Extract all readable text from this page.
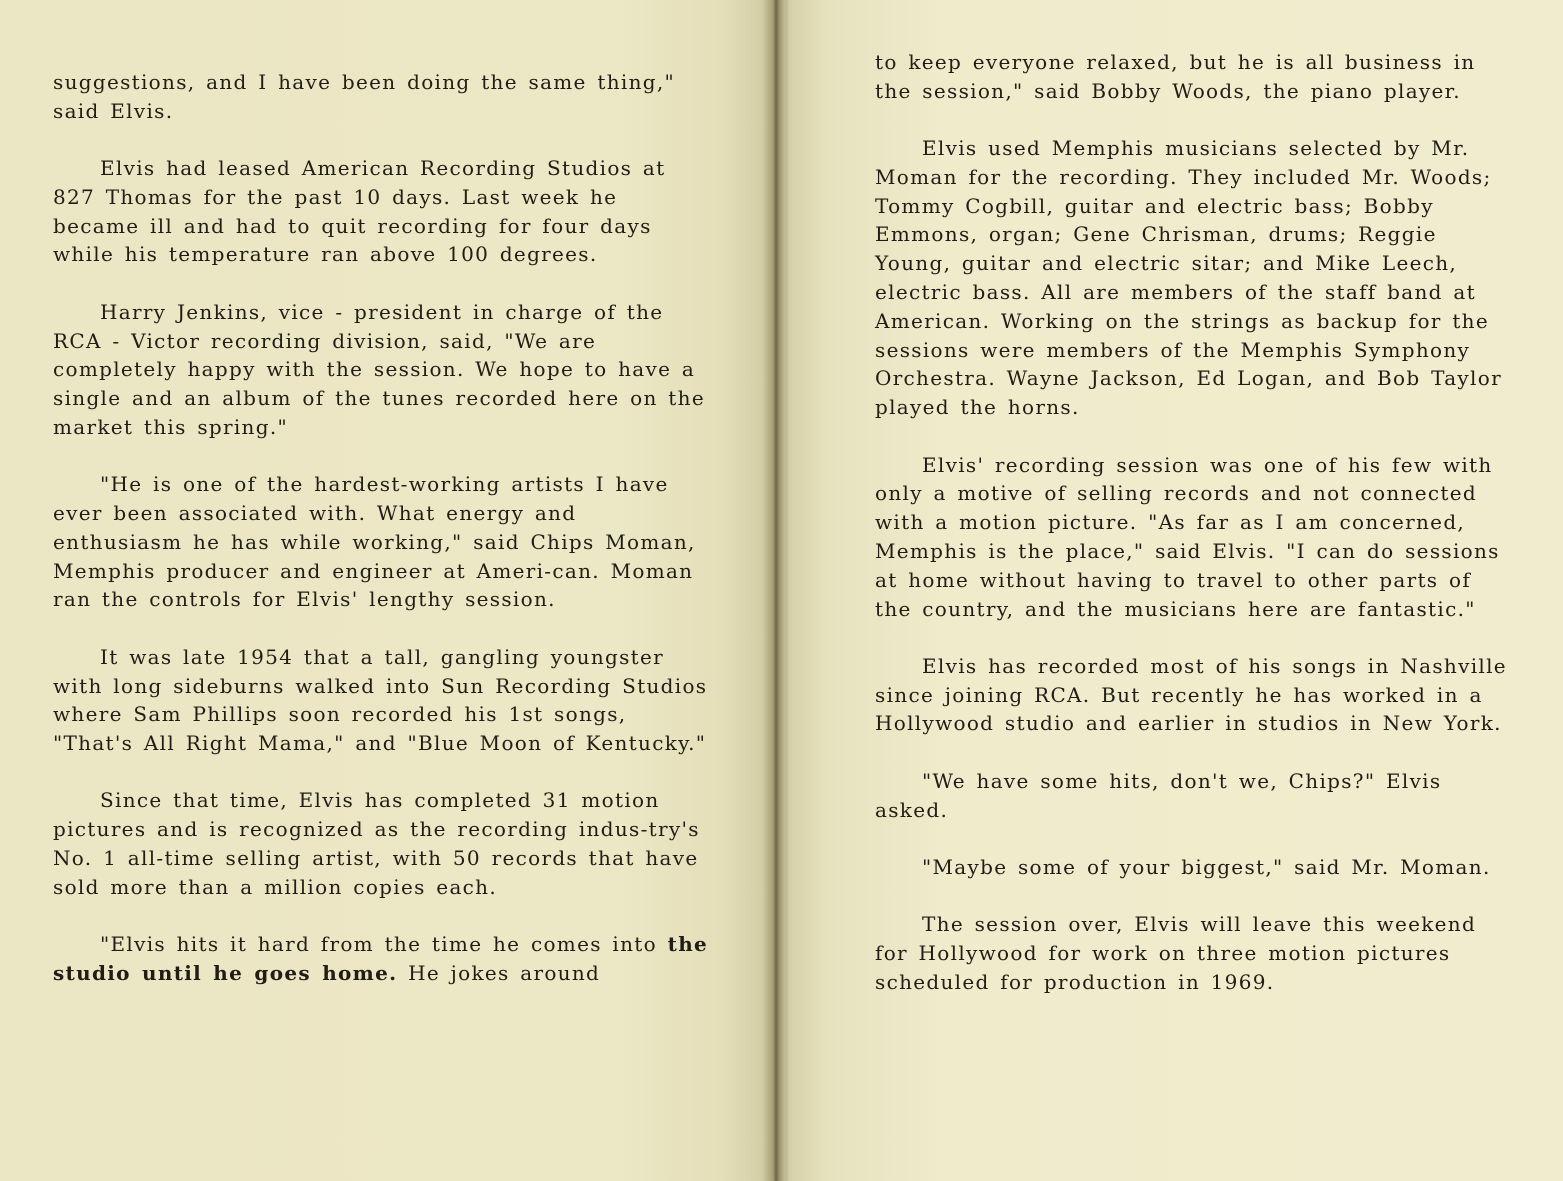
suggestions, and I have been doing the same thing," said Elvis.

Elvis had leased American Recording Studios at 827 Thomas for the past 10 days. Last week he became ill and had to quit recording for four days while his temperature ran above 100 degrees.

Harry Jenkins, vice - president in charge of the RCA - Victor recording division, said, "We are completely happy with the session. We hope to have a single and an album of the tunes recorded here on the market this spring."

"He is one of the hardest-working artists I have ever been associated with. What energy and enthusiasm he has while working," said Chips Moman, Memphis producer and engineer at Ameri-can. Moman ran the controls for Elvis' lengthy session.

It was late 1954 that a tall, gangling youngster with long sideburns walked into Sun Recording Studios where Sam Phillips soon recorded his 1st songs, "That's All Right Mama," and "Blue Moon of Kentucky."

Since that time, Elvis has completed 31 motion pictures and is recognized as the recording indus-try's No. 1 all-time selling artist, with 50 records that have sold more than a million copies each.

"Elvis hits it hard from the time he comes into the studio until he goes home. He jokes around

to keep everyone relaxed, but he is all business in the session," said Bobby Woods, the piano player.

Elvis used Memphis musicians selected by Mr. Moman for the recording. They included Mr. Woods; Tommy Cogbill, guitar and electric bass; Bobby Emmons, organ; Gene Chrisman, drums; Reggie Young, guitar and electric sitar; and Mike Leech, electric bass. All are members of the staff band at American. Working on the strings as backup for the sessions were members of the Memphis Symphony Orchestra. Wayne Jackson, Ed Logan, and Bob Taylor played the horns.

Elvis' recording session was one of his few with only a motive of selling records and not connected with a motion picture. "As far as I am concerned, Memphis is the place," said Elvis. "I can do sessions at home without having to travel to other parts of the country, and the musicians here are fantastic."

Elvis has recorded most of his songs in Nashville since joining RCA. But recently he has worked in a Hollywood studio and earlier in studios in New York.

"We have some hits, don't we, Chips?" Elvis asked.

"Maybe some of your biggest," said Mr. Moman.

The session over, Elvis will leave this weekend for Hollywood for work on three motion pictures scheduled for production in 1969.
